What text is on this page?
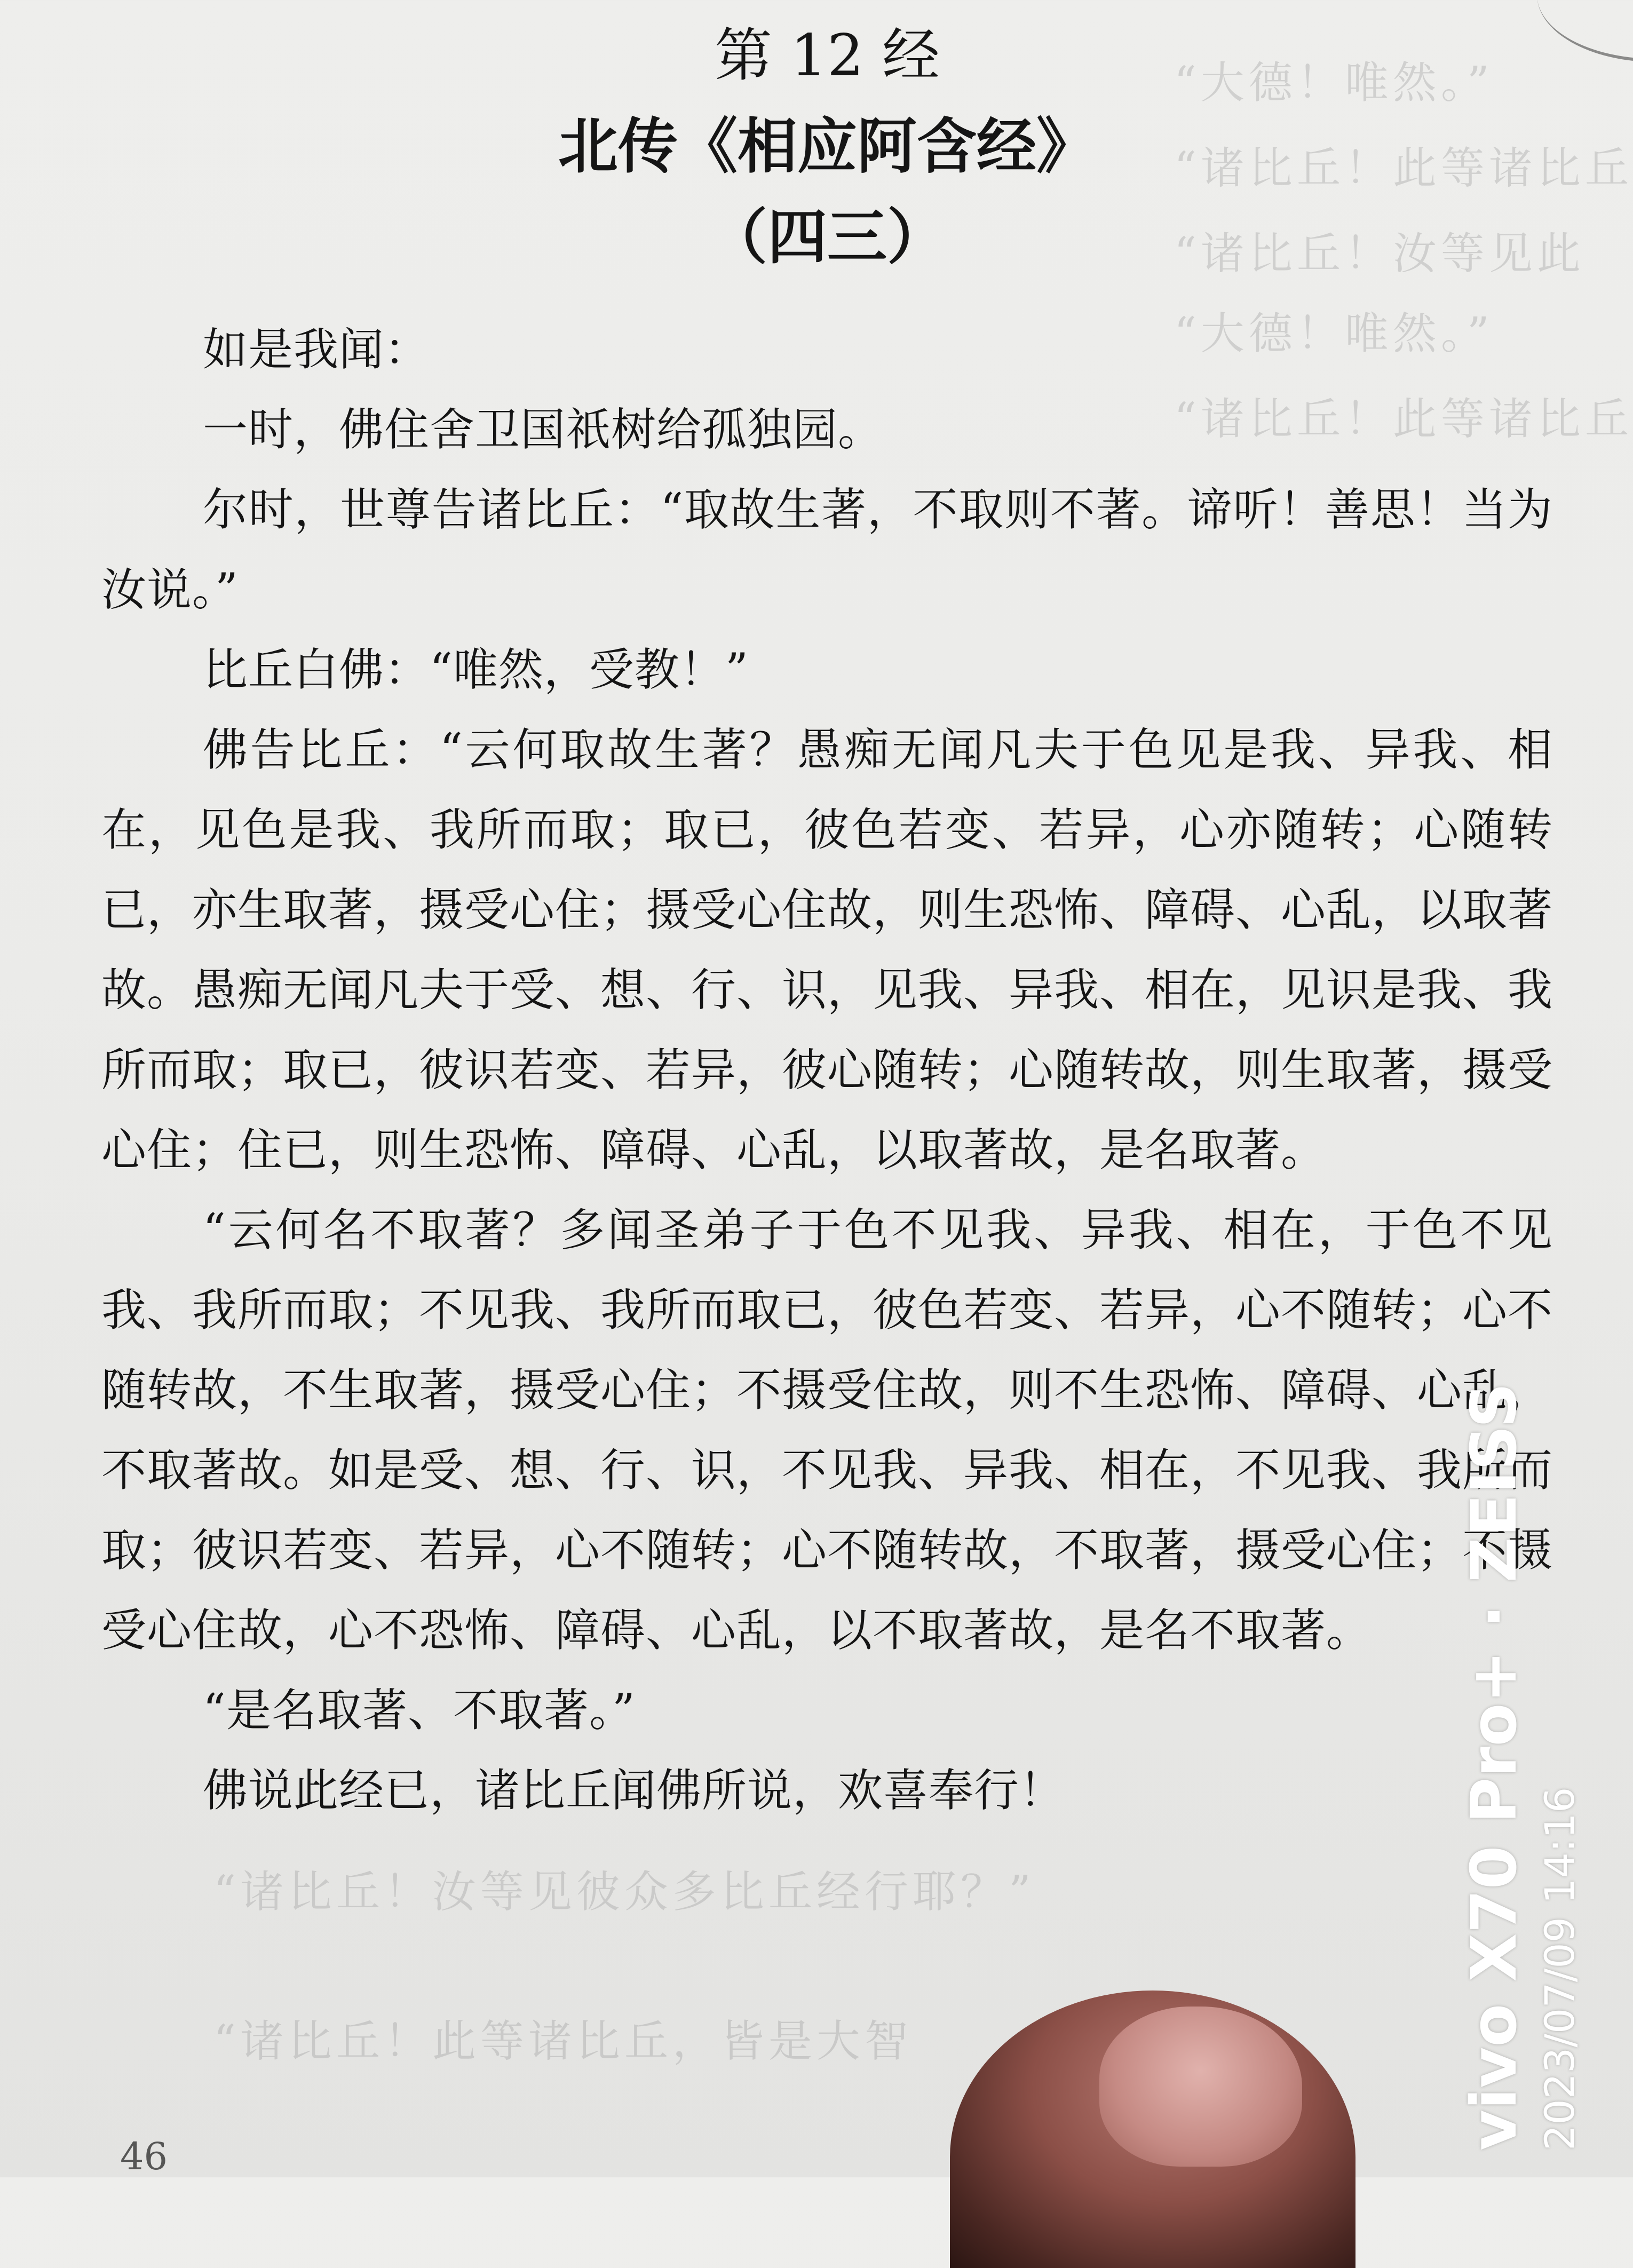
“大德！唯然。”
“诸比丘！此等诸比丘
“诸比丘！汝等见此
“大德！唯然。”
“诸比丘！此等诸比丘
“诸比丘！汝等见彼众多比丘经行耶？”
“诸比丘！此等诸比丘，皆是大智
第 12 经
北传《相应阿含经》
（四三）

如是我闻：

一时，佛住舍卫国祇树给孤独园。

尔时，世尊告诸比丘：“取故生著，不取则不著。谛听！善思！当为汝说。”

比丘白佛：“唯然，受教！”

佛告比丘：“云何取故生著？愚痴无闻凡夫于色见是我、异我、相在，见色是我、我所而取；取已，彼色若变、若异，心亦随转；心随转已，亦生取著，摄受心住；摄受心住故，则生恐怖、障碍、心乱，以取著故。愚痴无闻凡夫于受、想、行、识，见我、异我、相在，见识是我、我所而取；取已，彼识若变、若异，彼心随转；心随转故，则生取著，摄受心住；住已，则生恐怖、障碍、心乱，以取著故，是名取著。

“云何名不取著？多闻圣弟子于色不见我、异我、相在，于色不见我、我所而取；不见我、我所而取已，彼色若变、若异，心不随转；心不随转故，不生取著，摄受心住；不摄受住故，则不生恐怖、障碍、心乱，不取著故。如是受、想、行、识，不见我、异我、相在，不见我、我所而取；彼识若变、若异，心不随转；心不随转故，不取著，摄受心住；不摄受心住故，心不恐怖、障碍、心乱，以不取著故，是名不取著。

“是名取著、不取著。”

佛说此经已，诸比丘闻佛所说，欢喜奉行！

46
vivo X70 Pro+ · ZEISS 2023/07/09 14:16
